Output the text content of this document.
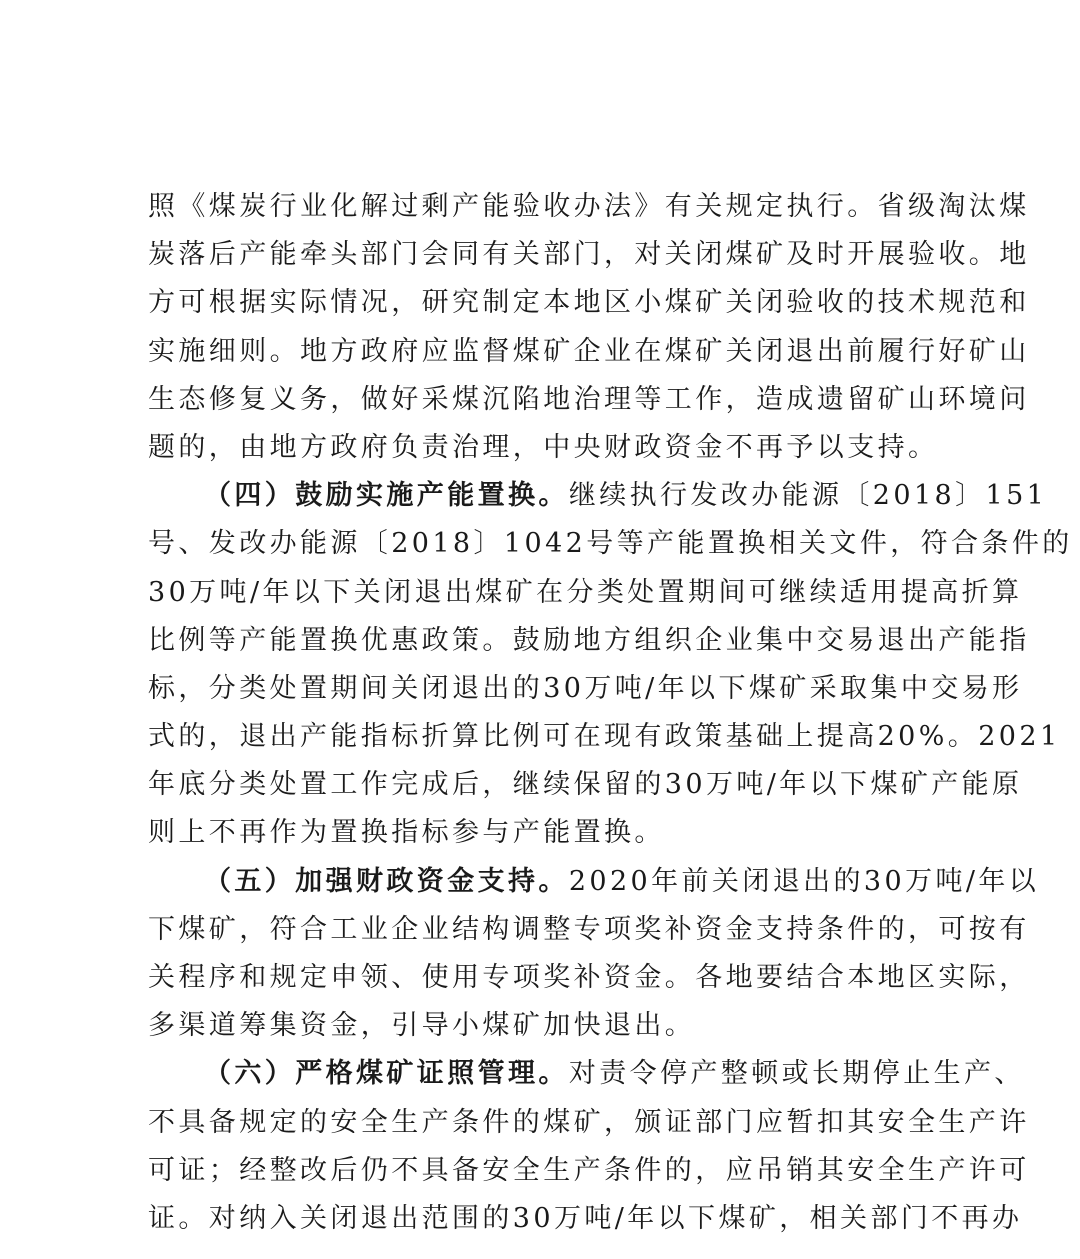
照《煤炭行业化解过剩产能验收办法》有关规定执行。省级淘汰煤
炭落后产能牵头部门会同有关部门，对关闭煤矿及时开展验收。地
方可根据实际情况，研究制定本地区小煤矿关闭验收的技术规范和
实施细则。地方政府应监督煤矿企业在煤矿关闭退出前履行好矿山
生态修复义务，做好采煤沉陷地治理等工作，造成遗留矿山环境问
题的，由地方政府负责治理，中央财政资金不再予以支持。
（四）鼓励实施产能置换。继续执行发改办能源〔2018〕151
号、发改办能源〔2018〕1042号等产能置换相关文件，符合条件的
30万吨/年以下关闭退出煤矿在分类处置期间可继续适用提高折算
比例等产能置换优惠政策。鼓励地方组织企业集中交易退出产能指
标，分类处置期间关闭退出的30万吨/年以下煤矿采取集中交易形
式的，退出产能指标折算比例可在现有政策基础上提高20%。2021
年底分类处置工作完成后，继续保留的30万吨/年以下煤矿产能原
则上不再作为置换指标参与产能置换。
（五）加强财政资金支持。2020年前关闭退出的30万吨/年以
下煤矿，符合工业企业结构调整专项奖补资金支持条件的，可按有
关程序和规定申领、使用专项奖补资金。各地要结合本地区实际，
多渠道筹集资金，引导小煤矿加快退出。
（六）严格煤矿证照管理。对责令停产整顿或长期停止生产、
不具备规定的安全生产条件的煤矿，颁证部门应暂扣其安全生产许
可证；经整改后仍不具备安全生产条件的，应吊销其安全生产许可
证。对纳入关闭退出范围的30万吨/年以下煤矿，相关部门不再办
